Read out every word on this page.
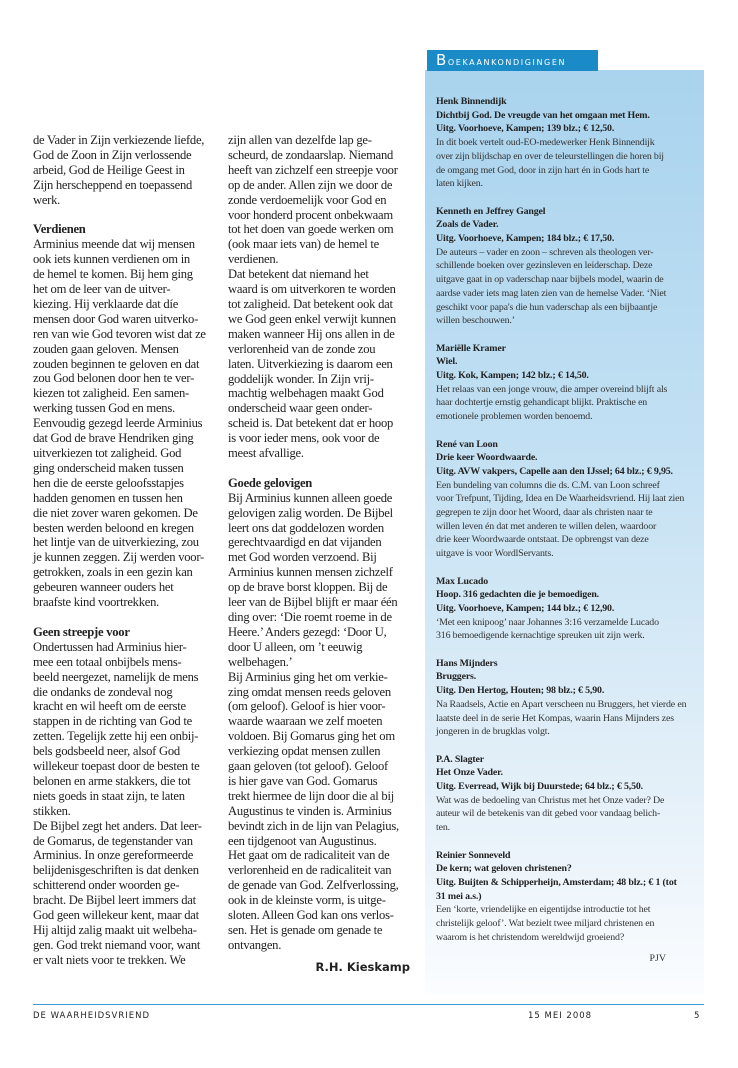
de Vader in Zijn verkiezende liefde,
God de Zoon in Zijn verlossende
arbeid, God de Heilige Geest in
Zijn herscheppend en toepassend
werk.
Verdienen
Arminius meende dat wij mensen
ook iets kunnen verdienen om in
de hemel te komen. Bij hem ging
het om de leer van de uitver-
kiezing. Hij verklaarde dat díe
mensen door God waren uitverko-
ren van wie God tevoren wist dat ze
zouden gaan geloven. Mensen
zouden beginnen te geloven en dat
zou God belonen door hen te ver-
kiezen tot zaligheid. Een samen-
werking tussen God en mens.
Eenvoudig gezegd leerde Arminius
dat God de brave Hendriken ging
uitverkiezen tot zaligheid. God
ging onderscheid maken tussen
hen die de eerste geloofsstapjes
hadden genomen en tussen hen
die niet zover waren gekomen. De
besten werden beloond en kregen
het lintje van de uitverkiezing, zou
je kunnen zeggen. Zij werden voor-
getrokken, zoals in een gezin kan
gebeuren wanneer ouders het
braafste kind voortrekken.
Geen streepje voor
Ondertussen had Arminius hier-
mee een totaal onbijbels mens-
beeld neergezet, namelijk de mens
die ondanks de zondeval nog
kracht en wil heeft om de eerste
stappen in de richting van God te
zetten. Tegelijk zette hij een onbij-
bels godsbeeld neer, alsof God
willekeur toepast door de besten te
belonen en arme stakkers, die tot
niets goeds in staat zijn, te laten
stikken.
De Bijbel zegt het anders. Dat leer-
de Gomarus, de tegenstander van
Arminius. In onze gereformeerde
belijdenisgeschriften is dat denken
schitterend onder woorden ge-
bracht. De Bijbel leert immers dat
God geen willekeur kent, maar dat
Hij altijd zalig maakt uit welbeha-
gen. God trekt niemand voor, want
er valt niets voor te trekken. We
zijn allen van dezelfde lap ge-
scheurd, de zondaarslap. Niemand
heeft van zichzelf een streepje voor
op de ander. Allen zijn we door de
zonde verdoemelijk voor God en
voor honderd procent onbekwaam
tot het doen van goede werken om
(ook maar iets van) de hemel te
verdienen.
Dat betekent dat niemand het
waard is om uitverkoren te worden
tot zaligheid. Dat betekent ook dat
we God geen enkel verwijt kunnen
maken wanneer Hij ons allen in de
verlorenheid van de zonde zou
laten. Uitverkiezing is daarom een
goddelijk wonder. In Zijn vrij-
machtig welbehagen maakt God
onderscheid waar geen onder-
scheid is. Dat betekent dat er hoop
is voor ieder mens, ook voor de
meest afvallige.
Goede gelovigen
Bij Arminius kunnen alleen goede
gelovigen zalig worden. De Bijbel
leert ons dat goddelozen worden
gerechtvaardigd en dat vijanden
met God worden verzoend. Bij
Arminius kunnen mensen zichzelf
op de brave borst kloppen. Bij de
leer van de Bijbel blijft er maar één
ding over: ‘Die roemt roeme in de
Heere.’ Anders gezegd: ‘Door U,
door U alleen, om ’t eeuwig
welbehagen.’
Bij Arminius ging het om verkie-
zing omdat mensen reeds geloven
(om geloof). Geloof is hier voor-
waarde waaraan we zelf moeten
voldoen. Bij Gomarus ging het om
verkiezing opdat mensen zullen
gaan geloven (tot geloof). Geloof
is hier gave van God. Gomarus
trekt hiermee de lijn door die al bij
Augustinus te vinden is. Arminius
bevindt zich in de lijn van Pelagius,
een tijdgenoot van Augustinus.
Het gaat om de radicaliteit van de
verlorenheid en de radicaliteit van
de genade van God. Zelfverlossing,
ook in de kleinste vorm, is uitge-
sloten. Alleen God kan ons verlos-
sen. Het is genade om genade te
ontvangen.
R.H. Kieskamp
Boekaankondigingen
Henk Binnendijk
Dichtbij God. De vreugde van het omgaan met Hem.
Uitg. Voorhoeve, Kampen; 139 blz.; € 12,50.
In dit boek vertelt oud-EO-medewerker Henk Binnendijk
over zijn blijdschap en over de teleurstellingen die horen bij
de omgang met God, door in zijn hart én in Gods hart te
laten kijken.
Kenneth en Jeffrey Gangel
Zoals de Vader.
Uitg. Voorhoeve, Kampen; 184 blz.; € 17,50.
De auteurs – vader en zoon – schreven als theologen ver-
schillende boeken over gezinsleven en leiderschap. Deze
uitgave gaat in op vaderschap naar bijbels model, waarin de
aardse vader iets mag laten zien van de hemelse Vader. ‘Niet
geschikt voor papa's die hun vaderschap als een bijbaantje
willen beschouwen.’
Mariëlle Kramer
Wiel.
Uitg. Kok, Kampen; 142 blz.; € 14,50.
Het relaas van een jonge vrouw, die amper overeind blijft als
haar dochtertje ernstig gehandicapt blijkt. Praktische en
emotionele problemen worden benoemd.
René van Loon
Drie keer Woordwaarde.
Uitg. AVW vakpers, Capelle aan den IJssel; 64 blz.; € 9,95.
Een bundeling van columns die ds. C.M. van Loon schreef
voor Trefpunt, Tijding, Idea en De Waarheidsvriend. Hij laat zien
gegrepen te zijn door het Woord, daar als christen naar te
willen leven én dat met anderen te willen delen, waardoor
drie keer Woordwaarde ontstaat. De opbrengst van deze
uitgave is voor WordlServants.
Max Lucado
Hoop. 316 gedachten die je bemoedigen.
Uitg. Voorhoeve, Kampen; 144 blz.; € 12,90.
‘Met een knipoog’ naar Johannes 3:16 verzamelde Lucado
316 bemoedigende kernachtige spreuken uit zijn werk.
Hans Mijnders
Bruggers.
Uitg. Den Hertog, Houten; 98 blz.; € 5,90.
Na Raadsels, Actie en Apart verscheen nu Bruggers, het vierde en
laatste deel in de serie Het Kompas, waarin Hans Mijnders zes
jongeren in de brugklas volgt.
P.A. Slagter
Het Onze Vader.
Uitg. Everread, Wijk bij Duurstede; 64 blz.; € 5,50.
Wat was de bedoeling van Christus met het Onze vader? De
auteur wil de betekenis van dit gebed voor vandaag belich-
ten.
Reinier Sonneveld
De kern; wat geloven christenen?
Uitg. Buijten & Schipperheijn, Amsterdam; 48 blz.; € 1 (tot
31 mei a.s.)
Een ‘korte, vriendelijke en eigentijdse introductie tot het
christelijk geloof’. Wat bezielt twee miljard christenen en
waarom is het christendom wereldwijd groeiend?
PJV
DE WAARHEIDSVRIEND	15 MEI 2008	5
